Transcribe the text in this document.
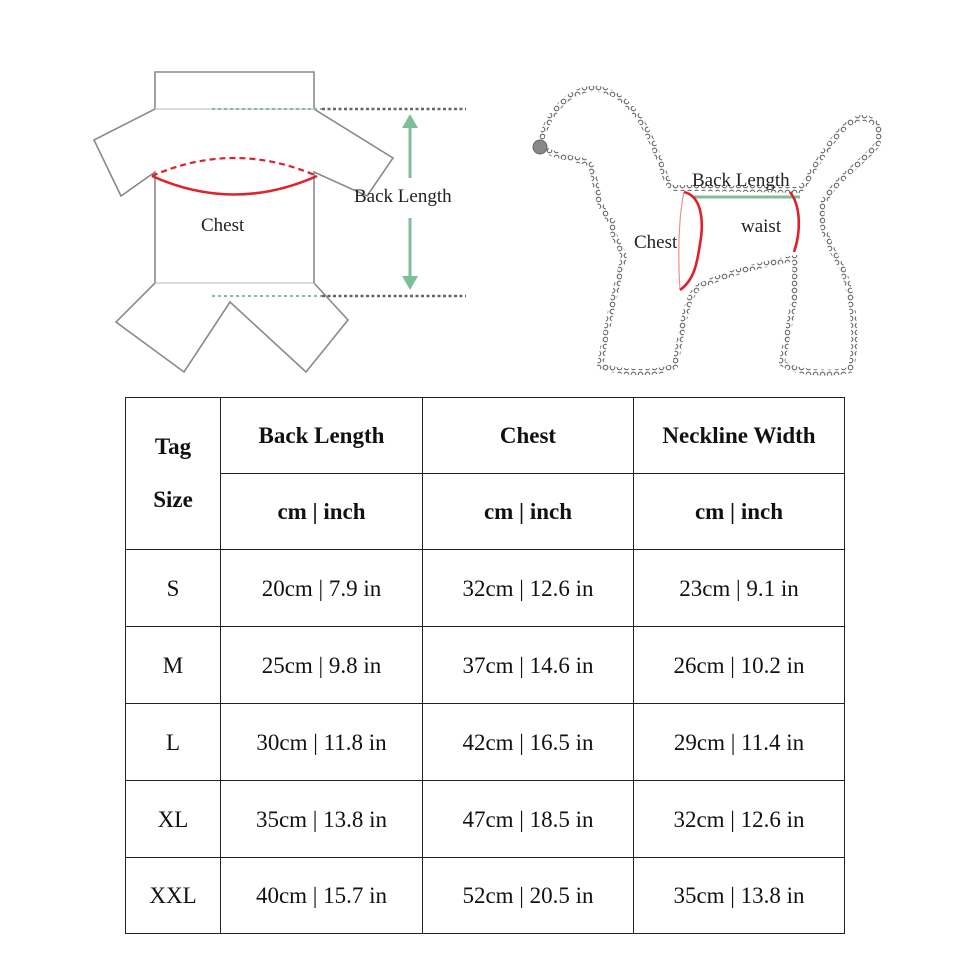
Chest
Back Length
Back Length
Chest
waist
Tag
Size	Back Length	Chest	Neckline Width
	cm | inch	cm | inch	cm | inch
S	20cm | 7.9 in	32cm | 12.6 in	23cm | 9.1 in
M	25cm | 9.8 in	37cm | 14.6 in	26cm | 10.2 in
L	30cm | 11.8 in	42cm | 16.5 in	29cm | 11.4 in
XL	35cm | 13.8 in	47cm | 18.5 in	32cm | 12.6 in
XXL	40cm | 15.7 in	52cm | 20.5 in	35cm | 13.8 in
